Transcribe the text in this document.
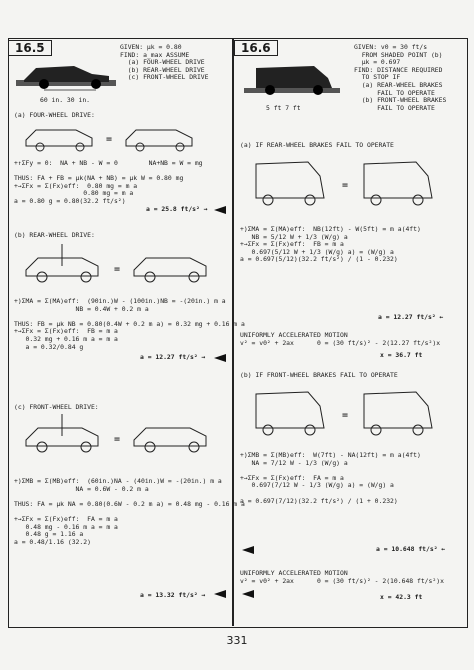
16.5	GIVEN: μk = 0.80
FIND: a_max ASSUME
(a) FOUR-WHEEL DRIVE
(b) REAR-WHEEL DRIVE
(c) FRONT-WHEEL DRIVE
60 in. 30 in.
(a) FOUR-WHEEL DRIVE:
=
+↑ΣFy = 0:  NA + NB - W = 0        NA+NB = W = mg

THUS: FA + FB = μk(NA + NB) = μk W = 0.80 mg
+→ΣFx = Σ(Fx)eff:  0.80 mg = m a
0.80 mg = m a
a = 0.80 g = 0.80(32.2 ft/s²)
a = 25.8 ft/s² →
(b) REAR-WHEEL DRIVE:
=
+)ΣMA = Σ(MA)eff:  (90in.)W - (100in.)NB = -(20in.) m a
NB = 0.4W + 0.2 m a

THUS: FB = μk NB = 0.80(0.4W + 0.2 m a) = 0.32 mg + 0.16 m a
+→ΣFx = Σ(Fx)eff:  FB = m a
0.32 mg + 0.16 m a = m a
a = 0.32/0.84 g
a = 12.27 ft/s² →
(c) FRONT-WHEEL DRIVE:
=
+)ΣMB = Σ(MB)eff:  (60in.)NA - (40in.)W = -(20in.) m a
NA = 0.6W - 0.2 m a

THUS: FA = μk NA = 0.80(0.6W - 0.2 m a) = 0.48 mg - 0.16 m a

+→ΣFx = Σ(Fx)eff:  FA = m a
0.48 mg - 0.16 m a = m a
0.48 g = 1.16 a
a = 0.48/1.16 (32.2)
a = 13.32 ft/s² →
16.6	GIVEN: v0 = 30 ft/s
FROM SHADED POINT (b)
μk = 0.697
FIND: DISTANCE REQUIRED
TO STOP IF
(a) REAR-WHEEL BRAKES
FAIL TO OPERATE
(b) FRONT-WHEEL BRAKES
FAIL TO OPERATE
5 ft 7 ft
(a) IF REAR-WHEEL BRAKES FAIL TO OPERATE
=
+)ΣMA = Σ(MA)eff:  NB(12ft) - W(5ft) = m a(4ft)
NB = 5/12 W + 1/3 (W/g) a
+→ΣFx = Σ(Fx)eff:  FB = m a
0.697(5/12 W + 1/3 (W/g) a) = (W/g) a
a = 0.697(5/12)(32.2 ft/s²) / (1 - 0.232)
a = 12.27 ft/s² ←
UNIFORMLY ACCELERATED MOTION
v² = v0² + 2ax      0 = (30 ft/s)² - 2(12.27 ft/s²)x
x = 36.7 ft
(b) IF FRONT-WHEEL BRAKES FAIL TO OPERATE
=
+)ΣMB = Σ(MB)eff:  W(7ft) - NA(12ft) = m a(4ft)
NA = 7/12 W - 1/3 (W/g) a

+→ΣFx = Σ(Fx)eff:  FA = m a
0.697(7/12 W - 1/3 (W/g) a) = (W/g) a

a = 0.697(7/12)(32.2 ft/s²) / (1 + 0.232)
a = 10.648 ft/s² ←
UNIFORMLY ACCELERATED MOTION
v² = v0² + 2ax      0 = (30 ft/s)² - 2(10.648 ft/s²)x
x = 42.3 ft
331
